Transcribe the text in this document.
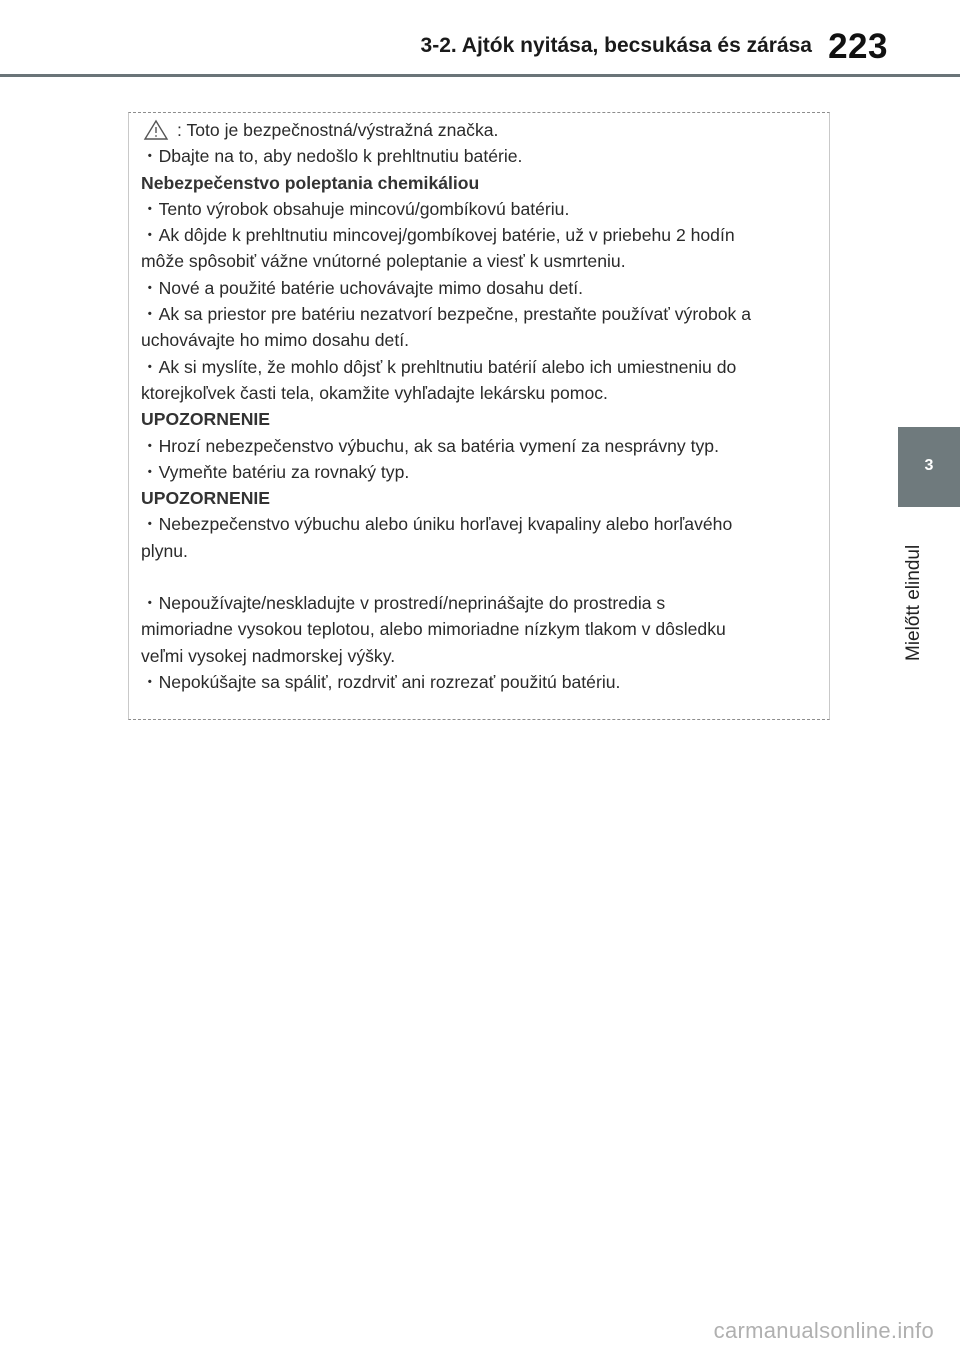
3-2. Ajtók nyitása, becsukása és zárása 223
3
Mielőtt elindul
: Toto je bezpečnostná/výstražná značka.
・Dbajte na to, aby nedošlo k prehltnutiu batérie.
Nebezpečenstvo poleptania chemikáliou
・Tento výrobok obsahuje mincovú/gombíkovú batériu.
・Ak dôjde k prehltnutiu mincovej/gombíkovej batérie, už v priebehu 2 hodín
môže spôsobiť vážne vnútorné poleptanie a viesť k usmrteniu.
・Nové a použité batérie uchovávajte mimo dosahu detí.
・Ak sa priestor pre batériu nezatvorí bezpečne, prestaňte používať výrobok a
uchovávajte ho mimo dosahu detí.
・Ak si myslíte, že mohlo dôjsť k prehltnutiu batérií alebo ich umiestneniu do
ktorejkoľvek časti tela, okamžite vyhľadajte lekársku pomoc.
UPOZORNENIE
・Hrozí nebezpečenstvo výbuchu, ak sa batéria vymení za nesprávny typ.
・Vymeňte batériu za rovnaký typ.
UPOZORNENIE
・Nebezpečenstvo výbuchu alebo úniku horľavej kvapaliny alebo horľavého
plynu.
・Nepoužívajte/neskladujte v prostredí/neprinášajte do prostredia s
mimoriadne vysokou teplotou, alebo mimoriadne nízkym tlakom v dôsledku
veľmi vysokej nadmorskej výšky.
・Nepokúšajte sa spáliť, rozdrviť ani rozrezať použitú batériu.
carmanualsonline.info
